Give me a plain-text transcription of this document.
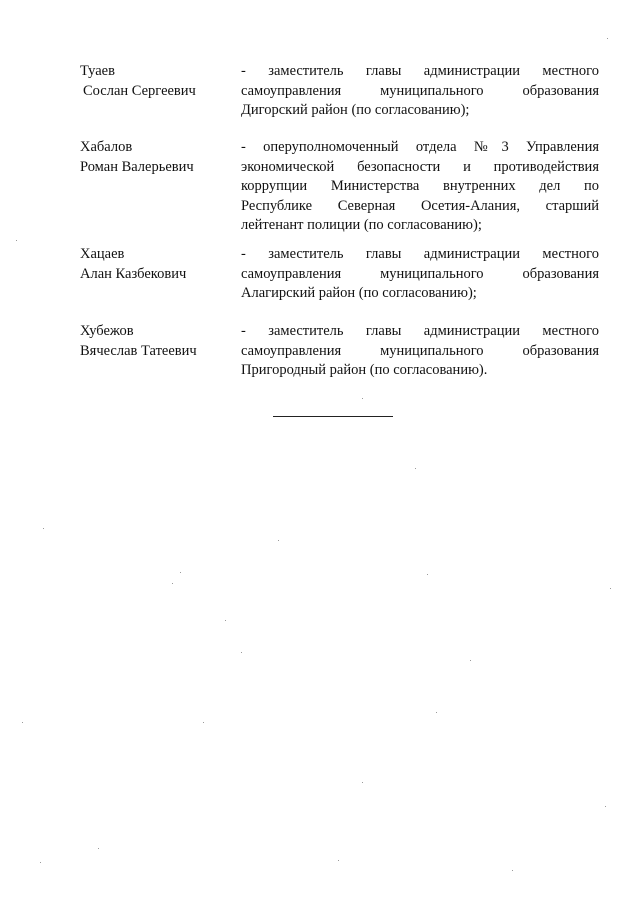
Туаев
Сослан Сергеевич
- заместитель главы администрации местного
самоуправления муниципального образования
Дигорский район (по согласованию);
Хабалов
Роман Валерьевич
- оперуполномоченный отдела №3 Управления
экономической безопасности и противодействия
коррупции Министерства внутренних дел по
Республике Северная Осетия-Алания, старший
лейтенант полиции (по согласованию);
Хацаев
Алан Казбекович
- заместитель главы администрации местного
самоуправления муниципального образования
Алагирский район (по согласованию);
Хубежов
Вячеслав Татеевич
- заместитель главы администрации местного
самоуправления муниципального образования
Пригородный район (по согласованию).
